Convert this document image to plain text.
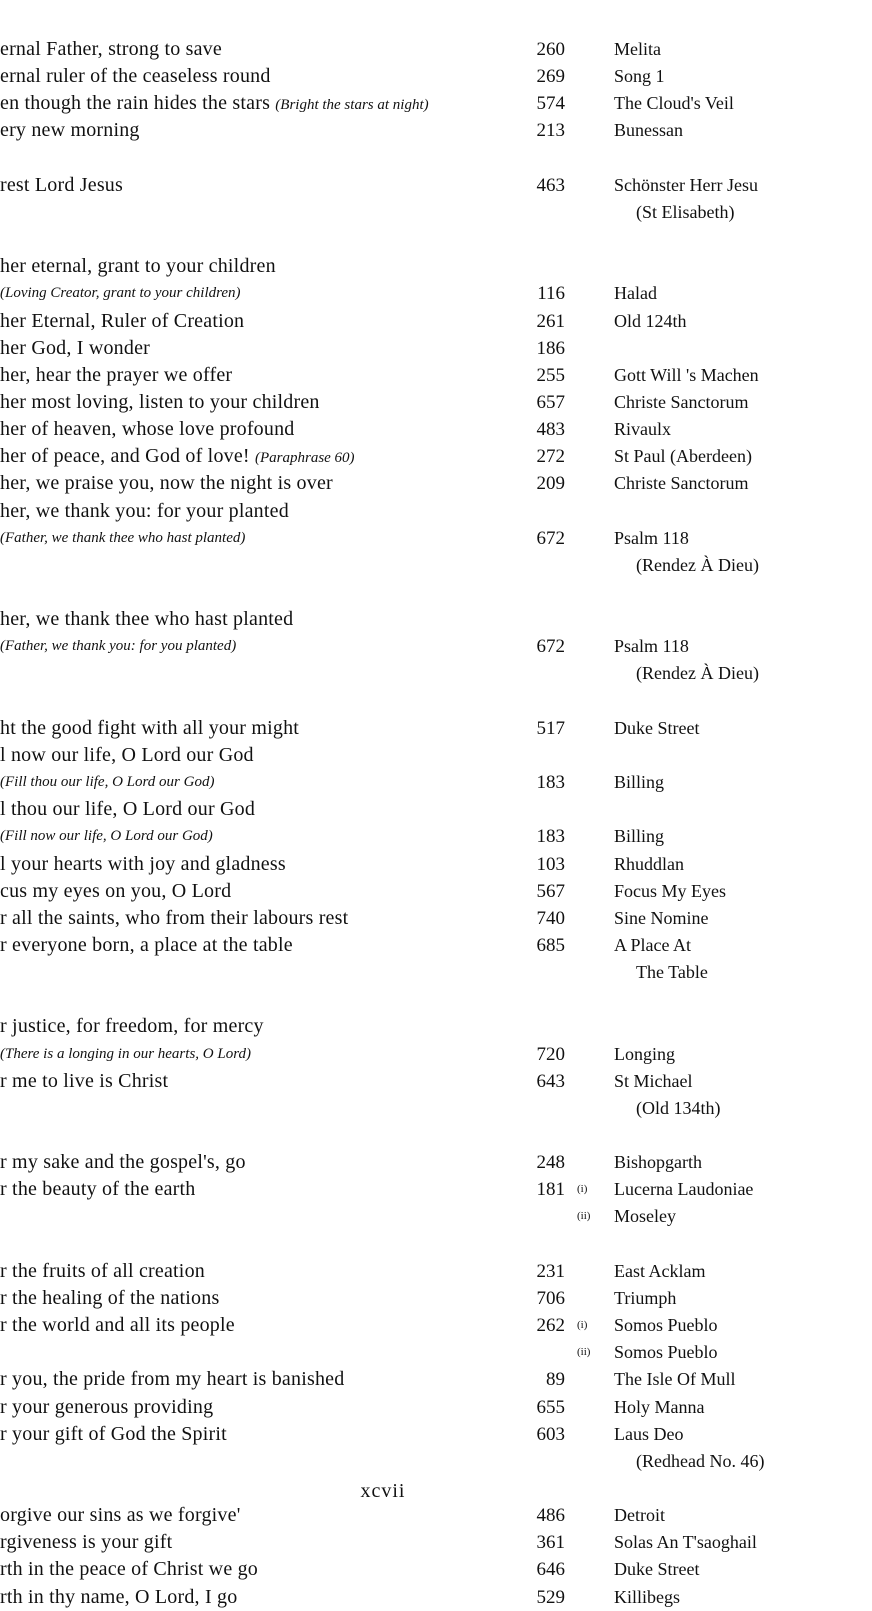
ernal Father, strong to save	260	Melita
ernal ruler of the ceaseless round	269	Song 1
en though the rain hides the stars (Bright the stars at night)	574	The Cloud's Veil
ery new morning	213	Bunessan
rest Lord Jesus	463	Schönster Herr Jesu
(St Elisabeth)
her eternal, grant to your children
(Loving Creator, grant to your children)	116	Halad
her Eternal, Ruler of Creation	261	Old 124th
her God, I wonder	186
her, hear the prayer we offer	255	Gott Will 's Machen
her most loving, listen to your children	657	Christe Sanctorum
her of heaven, whose love profound	483	Rivaulx
her of peace, and God of love! (Paraphrase 60)	272	St Paul (Aberdeen)
her, we praise you, now the night is over	209	Christe Sanctorum
her, we thank you: for your planted
(Father, we thank thee who hast planted)	672	Psalm 118
(Rendez À Dieu)
her, we thank thee who hast planted
(Father, we thank you: for you planted)	672	Psalm 118
(Rendez À Dieu)
ht the good fight with all your might	517	Duke Street
l now our life, O Lord our God
(Fill thou our life, O Lord our God)	183	Billing
l thou our life, O Lord our God
(Fill now our life, O Lord our God)	183	Billing
l your hearts with joy and gladness	103	Rhuddlan
cus my eyes on you, O Lord	567	Focus My Eyes
r all the saints, who from their labours rest	740	Sine Nomine
r everyone born, a place at the table	685	A Place At
The Table
r justice, for freedom, for mercy
(There is a longing in our hearts, O Lord)	720	Longing
r me to live is Christ	643	St Michael
(Old 134th)
r my sake and the gospel's, go	248	Bishopgarth
r the beauty of the earth	181 (i)	Lucerna Laudoniae
(ii)	Moseley
r the fruits of all creation	231	East Acklam
r the healing of the nations	706	Triumph
r the world and all its people	262 (i)	Somos Pueblo
(ii)	Somos Pueblo
r you, the pride from my heart is banished	89	The Isle Of Mull
r your generous providing	655	Holy Manna
r your gift of God the Spirit	603	Laus Deo
(Redhead No. 46)
orgive our sins as we forgive'	486	Detroit
rgiveness is your gift	361	Solas An T'saoghail
rth in the peace of Christ we go	646	Duke Street
rth in thy name, O Lord, I go	529	Killibegs
xcvii
